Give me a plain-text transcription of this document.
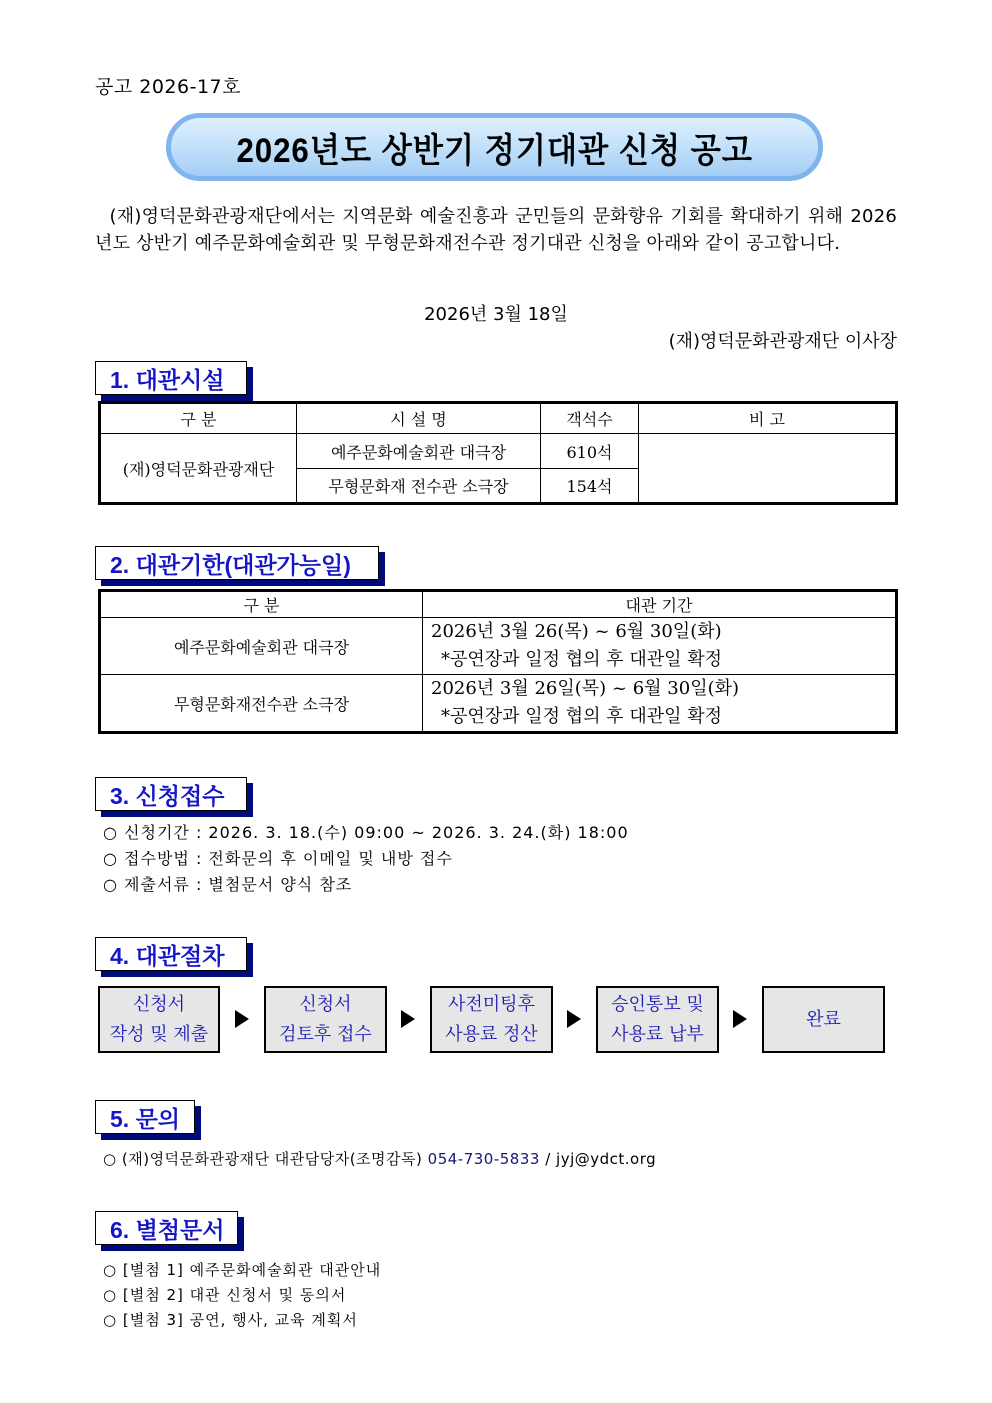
공고 2026-17호
2026년도 상반기 정기대관 신청 공고
(재)영덕문화관광재단에서는 지역문화 예술진흥과 군민들의 문화향유 기회를 확대하기 위해 2026년도 상반기 예주문화예술회관 및 무형문화재전수관 정기대관 신청을 아래와 같이 공고합니다.
2026년 3월 18일
(재)영덕문화관광재단 이사장
1. 대관시설
구 분	시 설 명	객석수	비 고
(재)영덕문화관광재단	예주문화예술회관 대극장	610석	
	무형문화재 전수관 소극장	154석	
2. 대관기한(대관가능일)
구 분	대관 기간
예주문화예술회관 대극장	2026년 3월 26(목) ~ 6월 30일(화)
*공연장과 일정 협의 후 대관일 확정

무형문화재전수관 소극장	2026년 3월 26일(목) ~ 6월 30일(화)
*공연장과 일정 협의 후 대관일 확정
3. 신청접수
○ 신청기간 : 2026. 3. 18.(수) 09:00 ~ 2026. 3. 24.(화) 18:00
○ 접수방법 : 전화문의 후 이메일 및 내방 접수
○ 제출서류 : 별첨문서 양식 참조
4. 대관절차
신청서
작성 및 제출
신청서
검토후 접수
사전미팅후
사용료 정산
승인통보 및
사용료 납부
완료
5. 문의
○ (재)영덕문화관광재단 대관담당자(조명감독) 054-730-5833 / jyj@ydct.org
6. 별첨문서
○ [별첨 1] 예주문화예술회관 대관안내
○ [별첨 2] 대관 신청서 및 동의서
○ [별첨 3] 공연, 행사, 교육 계획서
